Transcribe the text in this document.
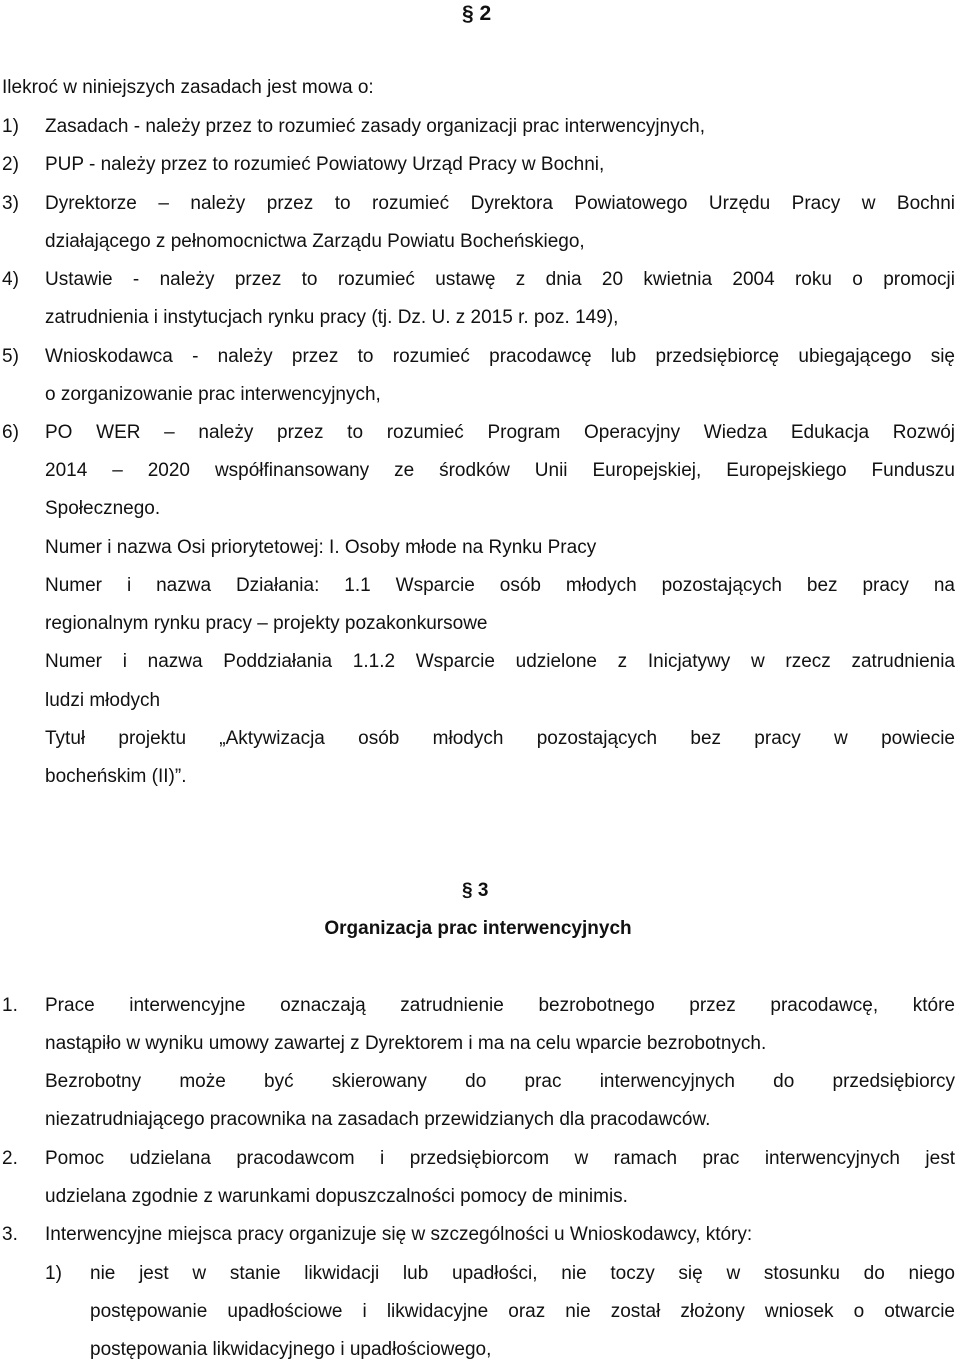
§ 2
Ilekroć w niniejszych zasadach jest mowa o:
1) Zasadach - należy przez to rozumieć zasady organizacji prac interwencyjnych,
2) PUP - należy przez to rozumieć Powiatowy Urząd Pracy w Bochni,
3) Dyrektorze – należy przez to rozumieć Dyrektora Powiatowego Urzędu Pracy w Bochni
działającego z pełnomocnictwa Zarządu Powiatu Bocheńskiego,
4) Ustawie - należy przez to rozumieć ustawę z dnia 20 kwietnia 2004 roku o promocji
zatrudnienia i instytucjach rynku pracy (tj. Dz. U. z 2015 r. poz. 149),
5) Wnioskodawca - należy przez to rozumieć pracodawcę lub przedsiębiorcę ubiegającego się
o zorganizowanie prac interwencyjnych,
6) PO WER – należy przez to rozumieć Program Operacyjny Wiedza Edukacja Rozwój
2014 – 2020 współfinansowany ze środków Unii Europejskiej, Europejskiego Funduszu
Społecznego.
Numer i nazwa Osi priorytetowej: I. Osoby młode na Rynku Pracy
Numer i nazwa Działania: 1.1 Wsparcie osób młodych pozostających bez pracy na
regionalnym rynku pracy – projekty pozakonkursowe
Numer i nazwa Poddziałania 1.1.2 Wsparcie udzielone z Inicjatywy w rzecz zatrudnienia
ludzi młodych
Tytuł projektu „Aktywizacja osób młodych pozostających bez pracy w powiecie
bocheńskim (II)”.
§ 3
Organizacja prac interwencyjnych
1. Prace interwencyjne oznaczają zatrudnienie bezrobotnego przez pracodawcę, które
nastąpiło w wyniku umowy zawartej z Dyrektorem i ma na celu wparcie bezrobotnych.
Bezrobotny może być skierowany do prac interwencyjnych do przedsiębiorcy
niezatrudniającego pracownika na zasadach przewidzianych dla pracodawców.
2. Pomoc udzielana pracodawcom i przedsiębiorcom w ramach prac interwencyjnych jest
udzielana zgodnie z warunkami dopuszczalności pomocy de minimis.
3. Interwencyjne miejsca pracy organizuje się w szczególności u Wnioskodawcy, który:
1) nie jest w stanie likwidacji lub upadłości, nie toczy się w stosunku do niego
postępowanie upadłościowe i likwidacyjne oraz nie został złożony wniosek o otwarcie
postępowania likwidacyjnego i upadłościowego,
